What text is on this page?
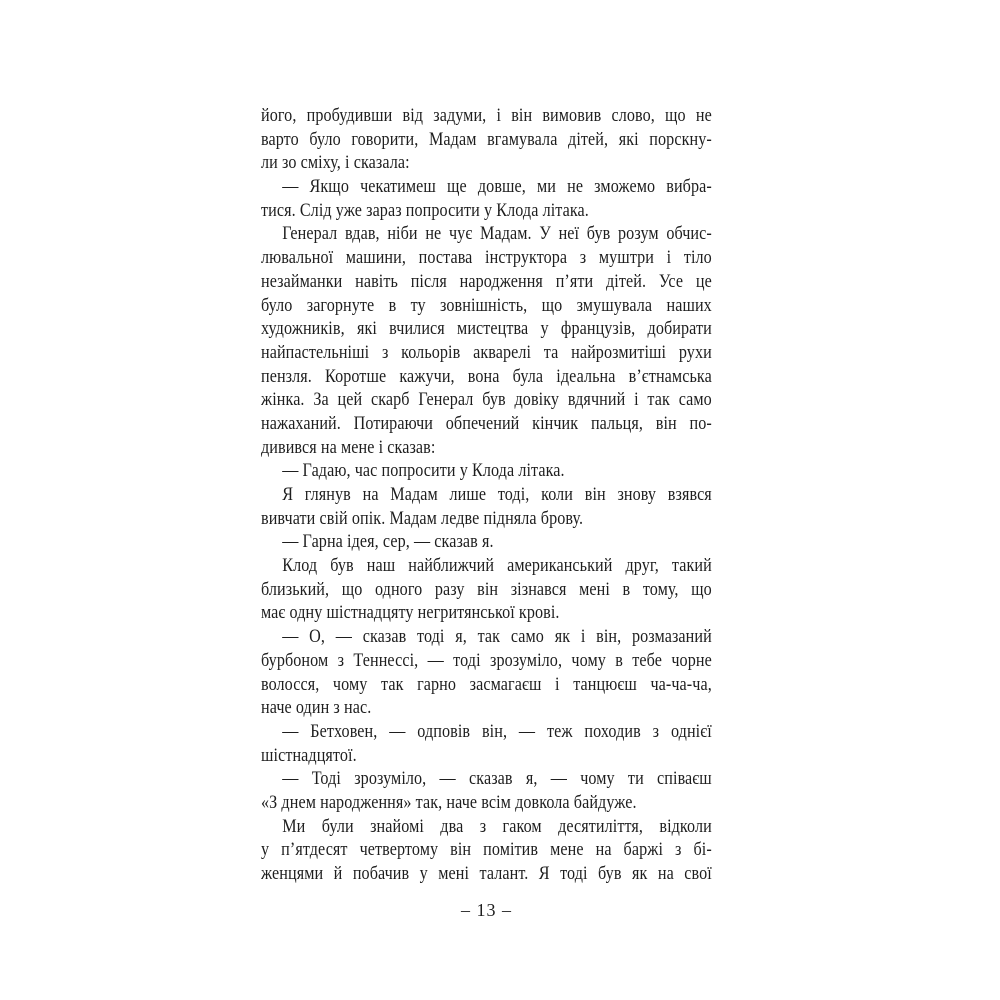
його, пробудивши від задуми, і він вимовив слово, що не
варто було говорити, Мадам вгамувала дітей, які порскну-
ли зо сміху, і сказала:
— Якщо чекатимеш ще довше, ми не зможемо вибра-
тися. Слід уже зараз попросити у Клода літака.
Генерал вдав, ніби не чує Мадам. У неї був розум обчис-
лювальної машини, постава інструктора з муштри і тіло
незайманки навіть після народження п’яти дітей. Усе це
було загорнуте в ту зовнішність, що змушувала наших
художників, які вчилися мистецтва у французів, добирати
найпастельніші з кольорів акварелі та найрозмитіші рухи
пензля. Коротше кажучи, вона була ідеальна в’єтнамська
жінка. За цей скарб Генерал був довіку вдячний і так само
нажаханий. Потираючи обпечений кінчик пальця, він по-
дивився на мене і сказав:
— Гадаю, час попросити у Клода літака.
Я глянув на Мадам лише тоді, коли він знову взявся
вивчати свій опік. Мадам ледве підняла брову.
— Гарна ідея, сер, — сказав я.
Клод був наш найближчий американський друг, такий
близький, що одного разу він зізнався мені в тому, що
має одну шістнадцяту негритянської крові.
— О, — сказав тоді я, так само як і він, розмазаний
бурбоном з Теннессі, — тоді зрозуміло, чому в тебе чорне
волосся, чому так гарно засмагаєш і танцюєш ча-ча-ча,
наче один з нас.
— Бетховен, — одповів він, — теж походив з однієї
шістнадцятої.
— Тоді зрозуміло, — сказав я, — чому ти співаєш
«З днем народження» так, наче всім довкола байдуже.
Ми були знайомі два з гаком десятиліття, відколи
у п’ятдесят четвертому він помітив мене на баржі з бі-
женцями й побачив у мені талант. Я тоді був як на свої
– 13 –
